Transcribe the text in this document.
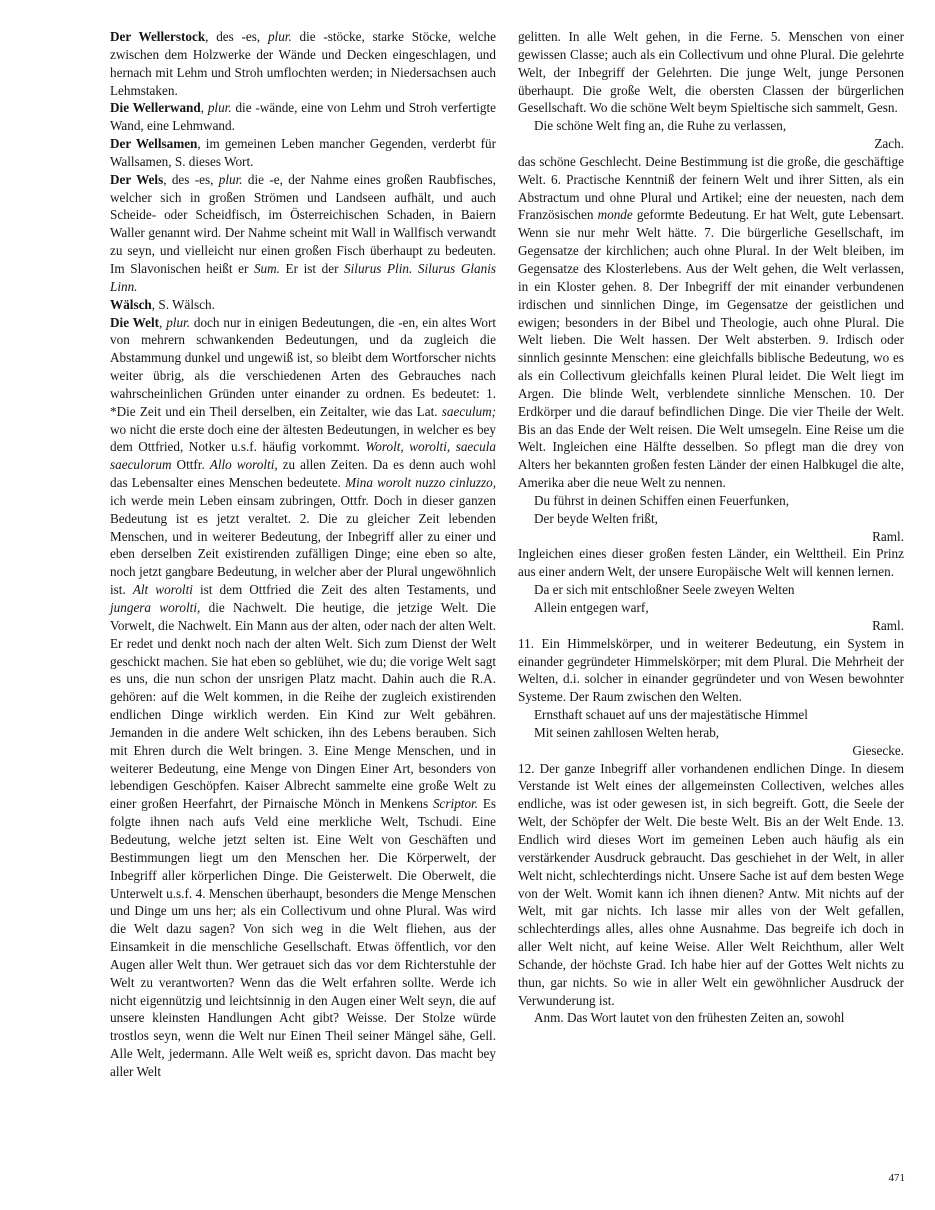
Der Wellerstock, des -es, plur. die -stöcke, starke Stöcke, welche zwischen dem Holzwerke der Wände und Decken eingeschlagen, und hernach mit Lehm und Stroh umflochten werden; in Niedersachsen auch Lehmstaken.

Die Wellerwand, plur. die -wände, eine von Lehm und Stroh verfertigte Wand, eine Lehmwand.

Der Wellsamen, im gemeinen Leben mancher Gegenden, verderbt für Wallsamen, S. dieses Wort.

Der Wels, des -es, plur. die -e, der Nahme eines großen Raubfisches, welcher sich in großen Strömen und Landseen aufhält, und auch Scheide- oder Scheidfisch, im Österreichischen Schaden, in Baiern Waller genannt wird. Der Nahme scheint mit Wall in Wallfisch verwandt zu seyn, und vielleicht nur einen großen Fisch überhaupt zu bedeuten. Im Slavonischen heißt er Sum. Er ist der Silurus Plin. Silurus Glanis Linn.

Wälsch, S. Wälsch.

Die Welt, plur. doch nur in einigen Bedeutungen, die -en, ein altes Wort von mehrern schwankenden Bedeutungen, und da zugleich die Abstammung dunkel und ungewiß ist, so bleibt dem Wortforscher nichts weiter übrig, als die verschiedenen Arten des Gebrauches nach wahrscheinlichen Gründen unter einander zu ordnen. Es bedeutet: 1. *Die Zeit und ein Theil derselben, ein Zeitalter, wie das Lat. saeculum; wo nicht die erste doch eine der ältesten Bedeutungen, in welcher es bey dem Ottfried, Notker u.s.f. häufig vorkommt. Worolt, worolti, saecula saeculorum Ottfr. Allo worolti, zu allen Zeiten. Da es denn auch wohl das Lebensalter eines Menschen bedeutete. Mina worolt nuzzo cinluzzo, ich werde mein Leben einsam zubringen, Ottfr. Doch in dieser ganzen Bedeutung ist es jetzt veraltet. 2. Die zu gleicher Zeit lebenden Menschen, und in weiterer Bedeutung, der Inbegriff aller zu einer und eben derselben Zeit existirenden zufälligen Dinge; eine eben so alte, noch jetzt gangbare Bedeutung, in welcher aber der Plural ungewöhnlich ist. Alt worolti ist dem Ottfried die Zeit des alten Testaments, und jungera worolti, die Nachwelt. Die heutige, die jetzige Welt. Die Vorwelt, die Nachwelt. Ein Mann aus der alten, oder nach der alten Welt. Er redet und denkt noch nach der alten Welt. Sich zum Dienst der Welt geschickt machen. Sie hat eben so geblühet, wie du; die vorige Welt sagt es uns, die nun schon der unsrigen Platz macht. Dahin auch die R.A. gehören: auf die Welt kommen, in die Reihe der zugleich existirenden endlichen Dinge wirklich werden. Ein Kind zur Welt gebähren. Jemanden in die andere Welt schicken, ihn des Lebens berauben. Sich mit Ehren durch die Welt bringen. 3. Eine Menge Menschen, und in weiterer Bedeutung, eine Menge von Dingen Einer Art, besonders von lebendigen Geschöpfen. Kaiser Albrecht sammelte eine große Welt zu einer großen Heerfahrt, der Pirnaische Mönch in Menkens Scriptor. Es folgte ihnen nach aufs Veld eine merkliche Welt, Tschudi. Eine Bedeutung, welche jetzt selten ist. Eine Welt von Geschäften und Bestimmungen liegt um den Menschen her. Die Körperwelt, der Inbegriff aller körperlichen Dinge. Die Geisterwelt. Die Oberwelt, die Unterwelt u.s.f. 4. Menschen überhaupt, besonders die Menge Menschen und Dinge um uns her; als ein Collectivum und ohne Plural. Was wird die Welt dazu sagen? Von sich weg in die Welt fliehen, aus der Einsamkeit in die menschliche Gesellschaft. Etwas öffentlich, vor den Augen aller Welt thun. Wer getrauet sich das vor dem Richterstuhle der Welt zu verantworten? Wenn das die Welt erfahren sollte. Werde ich nicht eigennützig und leichtsinnig in den Augen einer Welt seyn, die auf unsere kleinsten Handlungen Acht gibt? Weisse. Der Stolze würde trostlos seyn, wenn die Welt nur Einen Theil seiner Mängel sähe, Gell. Alle Welt, jedermann. Alle Welt weiß es, spricht davon. Das macht bey aller Welt

gelitten. In alle Welt gehen, in die Ferne. 5. Menschen von einer gewissen Classe; auch als ein Collectivum und ohne Plural. Die gelehrte Welt, der Inbegriff der Gelehrten. Die junge Welt, junge Personen überhaupt. Die große Welt, die obersten Classen der bürgerlichen Gesellschaft. Wo die schöne Welt beym Spieltische sich sammelt, Gesn.

Die schöne Welt fing an, die Ruhe zu verlassen,

Zach.

das schöne Geschlecht. Deine Bestimmung ist die große, die geschäftige Welt. 6. Practische Kenntniß der feinern Welt und ihrer Sitten, als ein Abstractum und ohne Plural und Artikel; eine der neuesten, nach dem Französischen monde geformte Bedeutung. Er hat Welt, gute Lebensart. Wenn sie nur mehr Welt hätte. 7. Die bürgerliche Gesellschaft, im Gegensatze der kirchlichen; auch ohne Plural. In der Welt bleiben, im Gegensatze des Klosterlebens. Aus der Welt gehen, die Welt verlassen, in ein Kloster gehen. 8. Der Inbegriff der mit einander verbundenen irdischen und sinnlichen Dinge, im Gegensatze der geistlichen und ewigen; besonders in der Bibel und Theologie, auch ohne Plural. Die Welt lieben. Die Welt hassen. Der Welt absterben. 9. Irdisch oder sinnlich gesinnte Menschen: eine gleichfalls biblische Bedeutung, wo es als ein Collectivum gleichfalls keinen Plural leidet. Die Welt liegt im Argen. Die blinde Welt, verblendete sinnliche Menschen. 10. Der Erdkörper und die darauf befindlichen Dinge. Die vier Theile der Welt. Bis an das Ende der Welt reisen. Die Welt umsegeln. Eine Reise um die Welt. Ingleichen eine Hälfte desselben. So pflegt man die drey von Alters her bekannten großen festen Länder der einen Halbkugel die alte, Amerika aber die neue Welt zu nennen.

Du führst in deinen Schiffen einen Feuerfunken,

Der beyde Welten frißt,

Raml.

Ingleichen eines dieser großen festen Länder, ein Welttheil. Ein Prinz aus einer andern Welt, der unsere Europäische Welt will kennen lernen.

Da er sich mit entschloßner Seele zweyen Welten

Allein entgegen warf,

Raml.

11. Ein Himmelskörper, und in weiterer Bedeutung, ein System in einander gegründeter Himmelskörper; mit dem Plural. Die Mehrheit der Welten, d.i. solcher in einander gegründeter und von Wesen bewohnter Systeme. Der Raum zwischen den Welten.

Ernsthaft schauet auf uns der majestätische Himmel

Mit seinen zahllosen Welten herab,

Giesecke.

12. Der ganze Inbegriff aller vorhandenen endlichen Dinge. In diesem Verstande ist Welt eines der allgemeinsten Collectiven, welches alles endliche, was ist oder gewesen ist, in sich begreift. Gott, die Seele der Welt, der Schöpfer der Welt. Die beste Welt. Bis an der Welt Ende. 13. Endlich wird dieses Wort im gemeinen Leben auch häufig als ein verstärkender Ausdruck gebraucht. Das geschiehet in der Welt, in aller Welt nicht, schlechterdings nicht. Unsere Sache ist auf dem besten Wege von der Welt. Womit kann ich ihnen dienen? Antw. Mit nichts auf der Welt, mit gar nichts. Ich lasse mir alles von der Welt gefallen, schlechterdings alles, alles ohne Ausnahme. Das begreife ich doch in aller Welt nicht, auf keine Weise. Aller Welt Reichthum, aller Welt Schande, der höchste Grad. Ich habe hier auf der Gottes Welt nichts zu thun, gar nichts. So wie in aller Welt ein gewöhnlicher Ausdruck der Verwunderung ist.

Anm. Das Wort lautet von den frühesten Zeiten an, sowohl

471
